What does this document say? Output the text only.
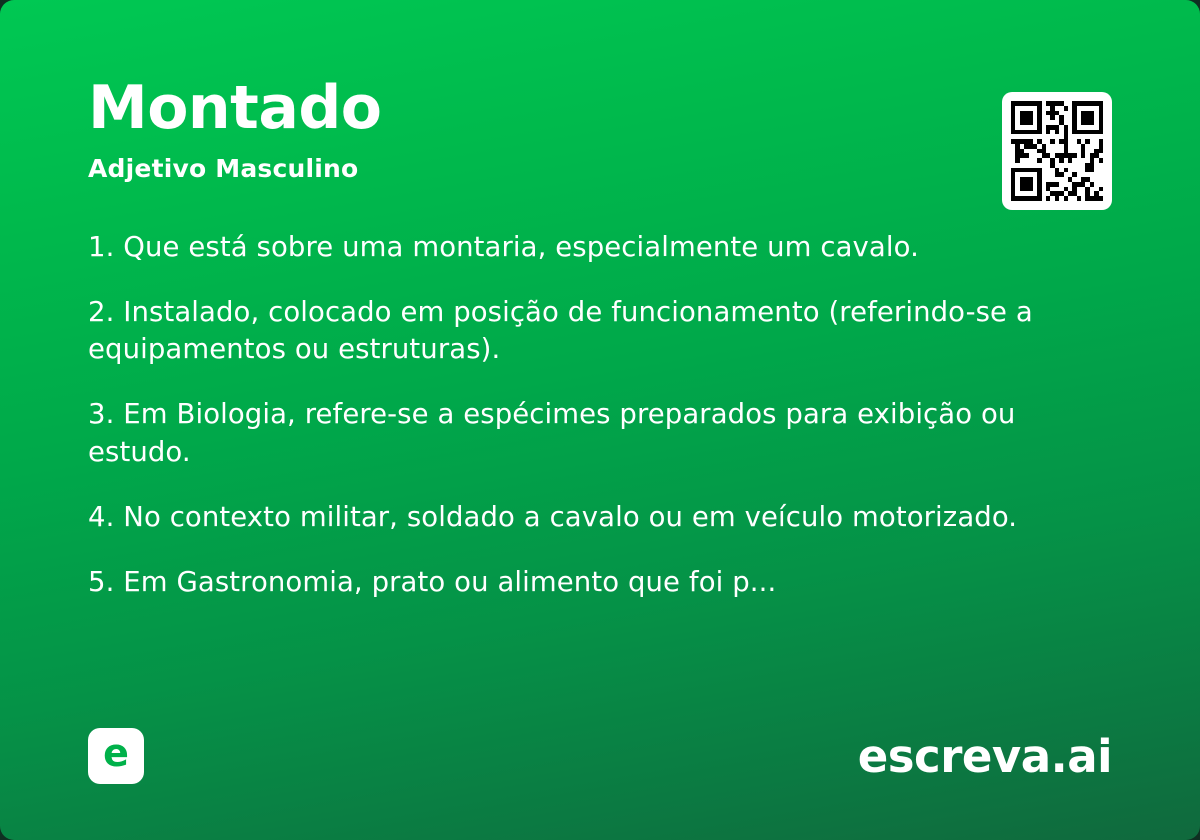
Montado
Adjetivo Masculino

1. Que está sobre uma montaria, especialmente um cavalo.

2. Instalado, colocado em posição de funcionamento (referindo-se a equipamentos ou estruturas).

3. Em Biologia, refere-se a espécimes preparados para exibição ou estudo.

4. No contexto militar, soldado a cavalo ou em veículo motorizado.

5. Em Gastronomia, prato ou alimento que foi p...

e	escreva.ai
